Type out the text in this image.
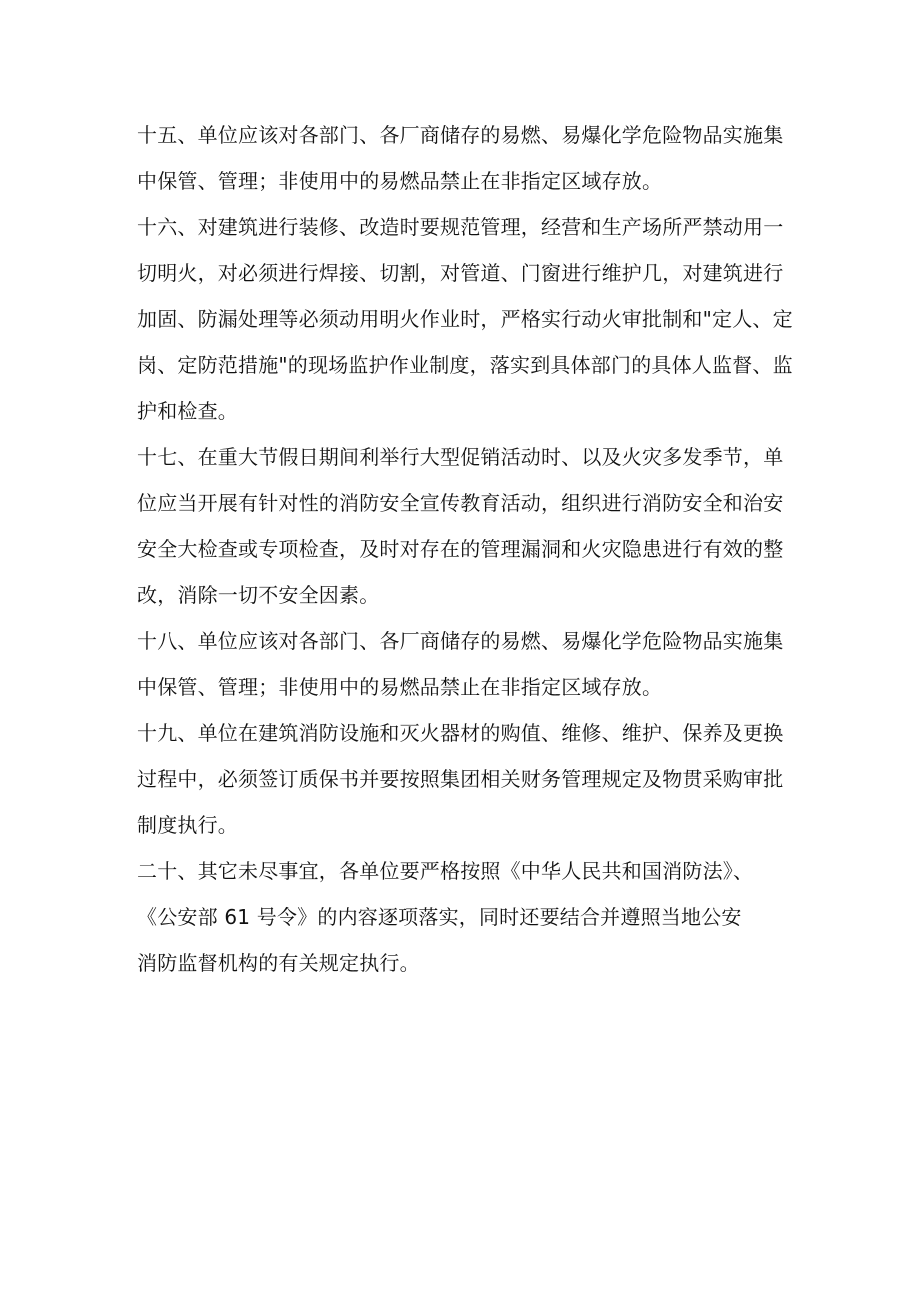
十五、单位应该对各部门、各厂商储存的易燃、易爆化学危险物品实施集
中保管、管理；非使用中的易燃品禁止在非指定区域存放。

十六、对建筑进行装修、改造时要规范管理，经营和生产场所严禁动用一
切明火，对必须进行焊接、切割，对管道、门窗进行维护几，对建筑进行
加固、防漏处理等必须动用明火作业时，严格实行动火审批制和"定人、定
岗、定防范措施"的现场监护作业制度，落实到具体部门的具体人监督、监
护和检查。

十七、在重大节假日期间利举行大型促销活动时、以及火灾多发季节，单
位应当开展有针对性的消防安全宣传教育活动，组织进行消防安全和治安
安全大检查或专项检查，及时对存在的管理漏洞和火灾隐患进行有效的整
改，消除一切不安全因素。

十八、单位应该对各部门、各厂商储存的易燃、易爆化学危险物品实施集
中保管、管理；非使用中的易燃品禁止在非指定区域存放。

十九、单位在建筑消防设施和灭火器材的购值、维修、维护、保养及更换
过程中，必须签订质保书并要按照集团相关财务管理规定及物贯采购审批
制度执行。

二十、其它未尽事宜，各单位要严格按照《中华人民共和国消防法》、
《公安部 61 号令》的内容逐项落实，同时还要结合并遵照当地公安
消防监督机构的有关规定执行。
